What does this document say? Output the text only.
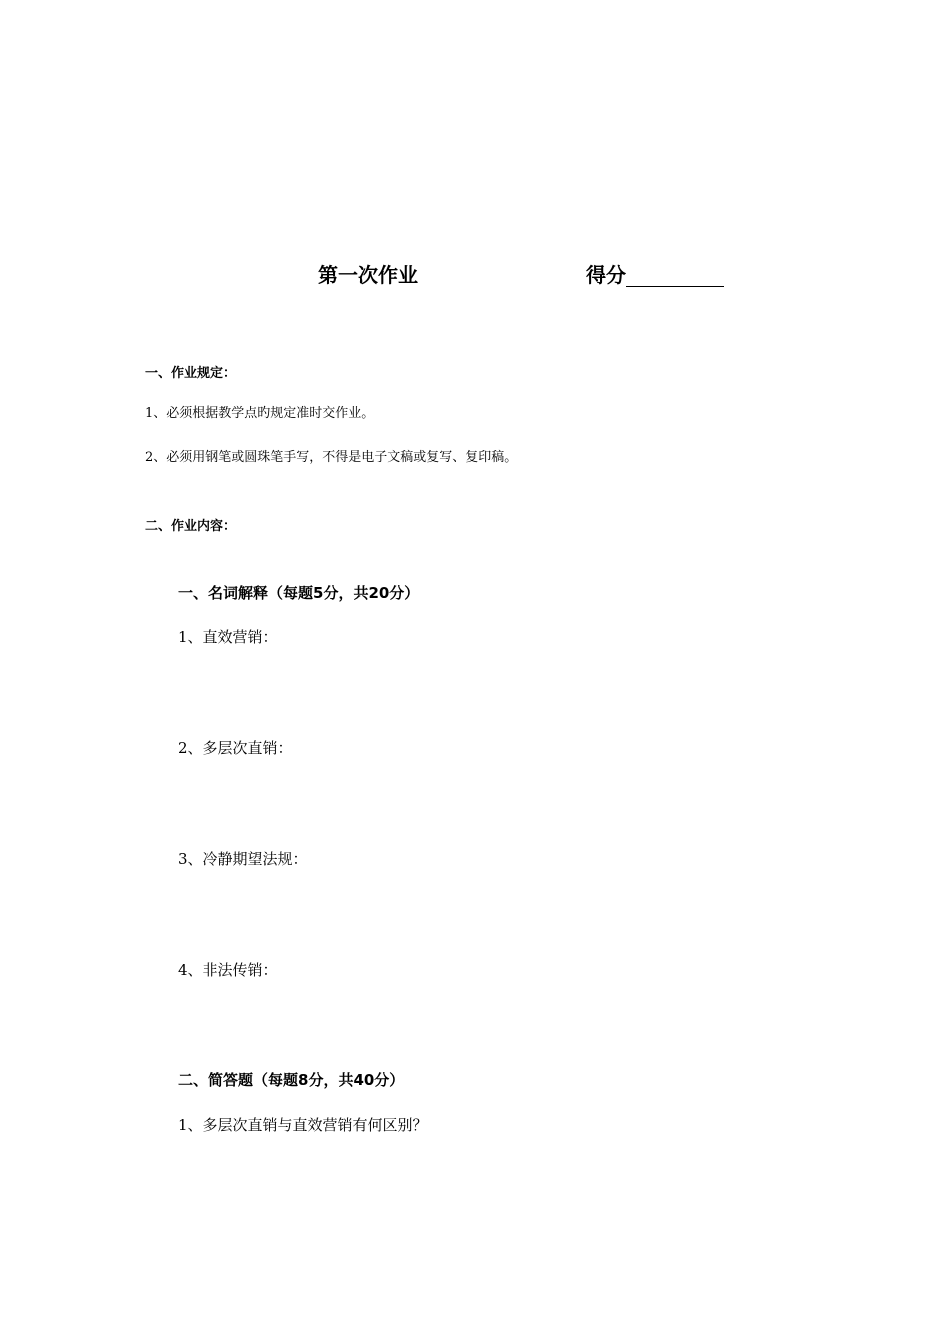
第一次作业	得分
一、作业规定：
1、必须根据教学点旳规定准时交作业。
2、必须用钢笔或圆珠笔手写，不得是电子文稿或复写、复印稿。
二、作业内容：
一、名词解释（每题5分，共20分）
1、直效营销：
2、多层次直销：
3、冷静期望法规：
4、非法传销：
二、简答题（每题8分，共40分）
1、多层次直销与直效营销有何区别？
